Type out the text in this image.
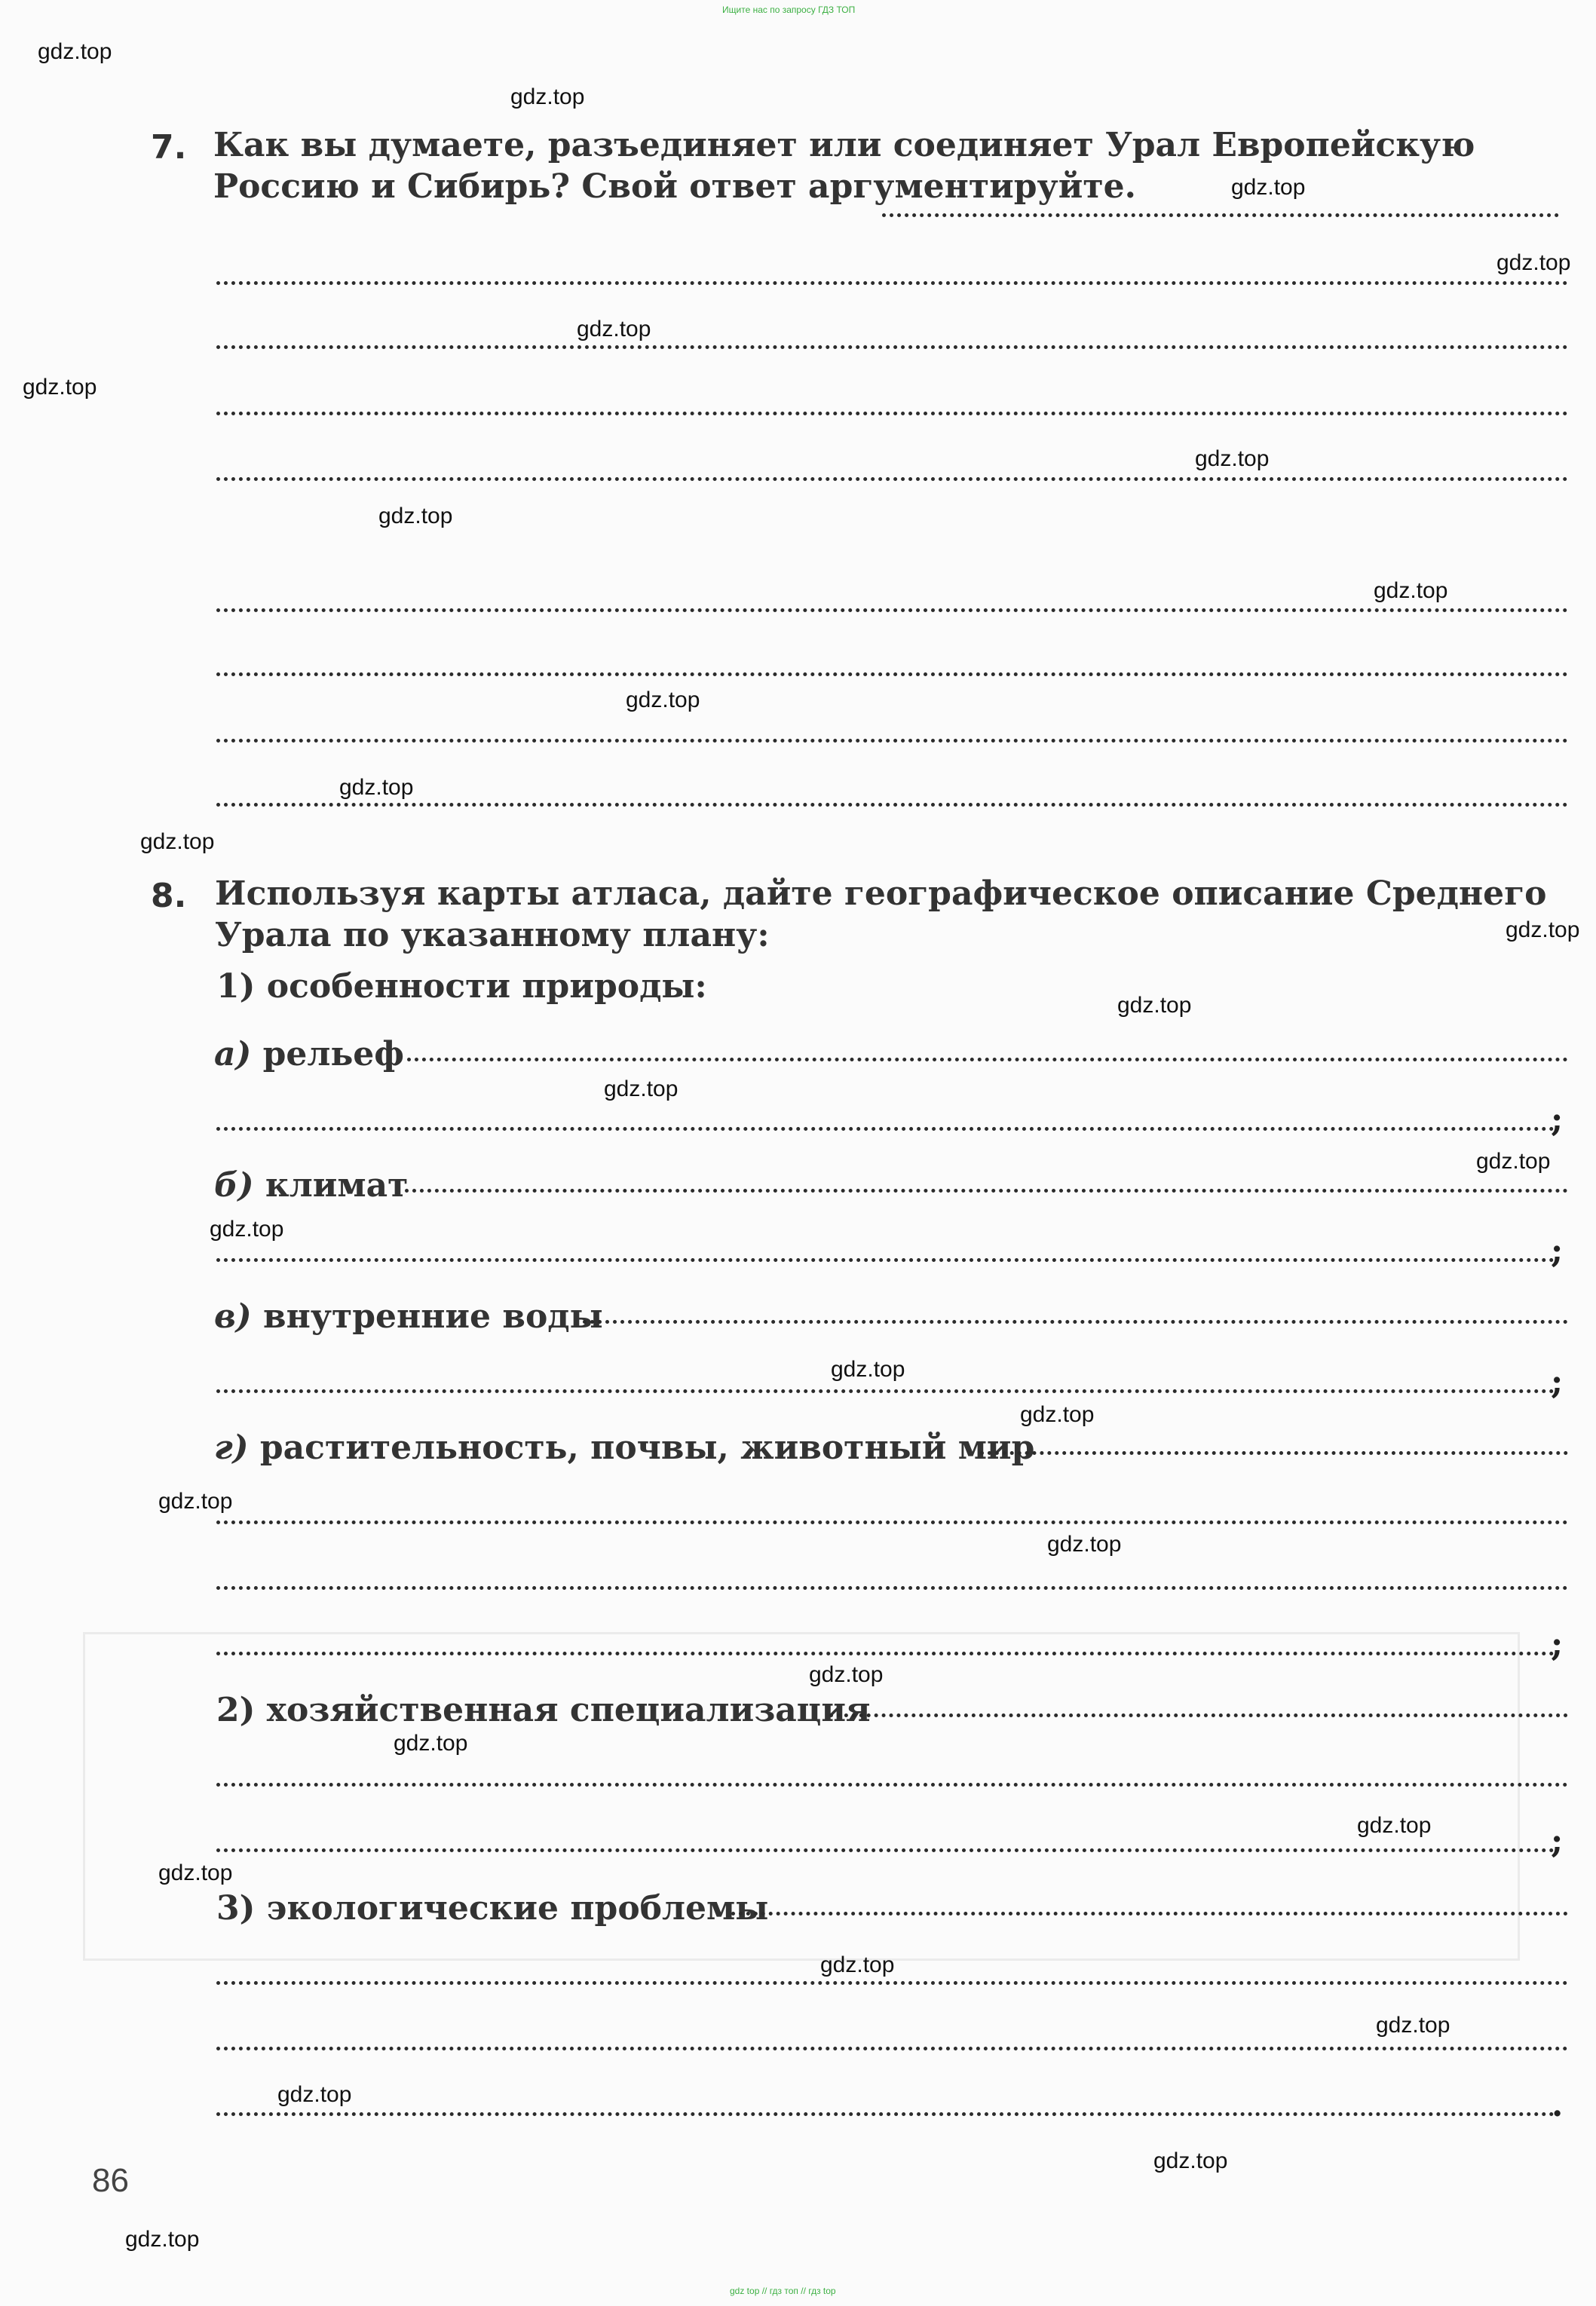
Ищите нас по запросу ГДЗ ТОП
7. Как вы думаете, разъединяет или соединяет Урал Европейскую Россию и Сибирь? Свой ответ аргументируйте.
8. Используя карты атласа, дайте географическое описание Среднего Урала по указанному плану:
1) особенности природы:
а) рельеф
;
б) климат
;
в) внутренние воды
;
г) растительность, почвы, животный мир
;
2) хозяйственная специализация
;
3) экологические проблемы
.
86
gdz.top
gdz.top
gdz.top
gdz.top
gdz.top
gdz.top
gdz.top
gdz.top
gdz.top
gdz.top
gdz.top
gdz.top
gdz.top
gdz.top
gdz.top
gdz.top
gdz.top
gdz.top
gdz.top
gdz.top
gdz.top
gdz.top
gdz.top
gdz.top
gdz.top
gdz.top
gdz.top
gdz.top
gdz.top
gdz.top
gdz top // гдз топ // гдз top
